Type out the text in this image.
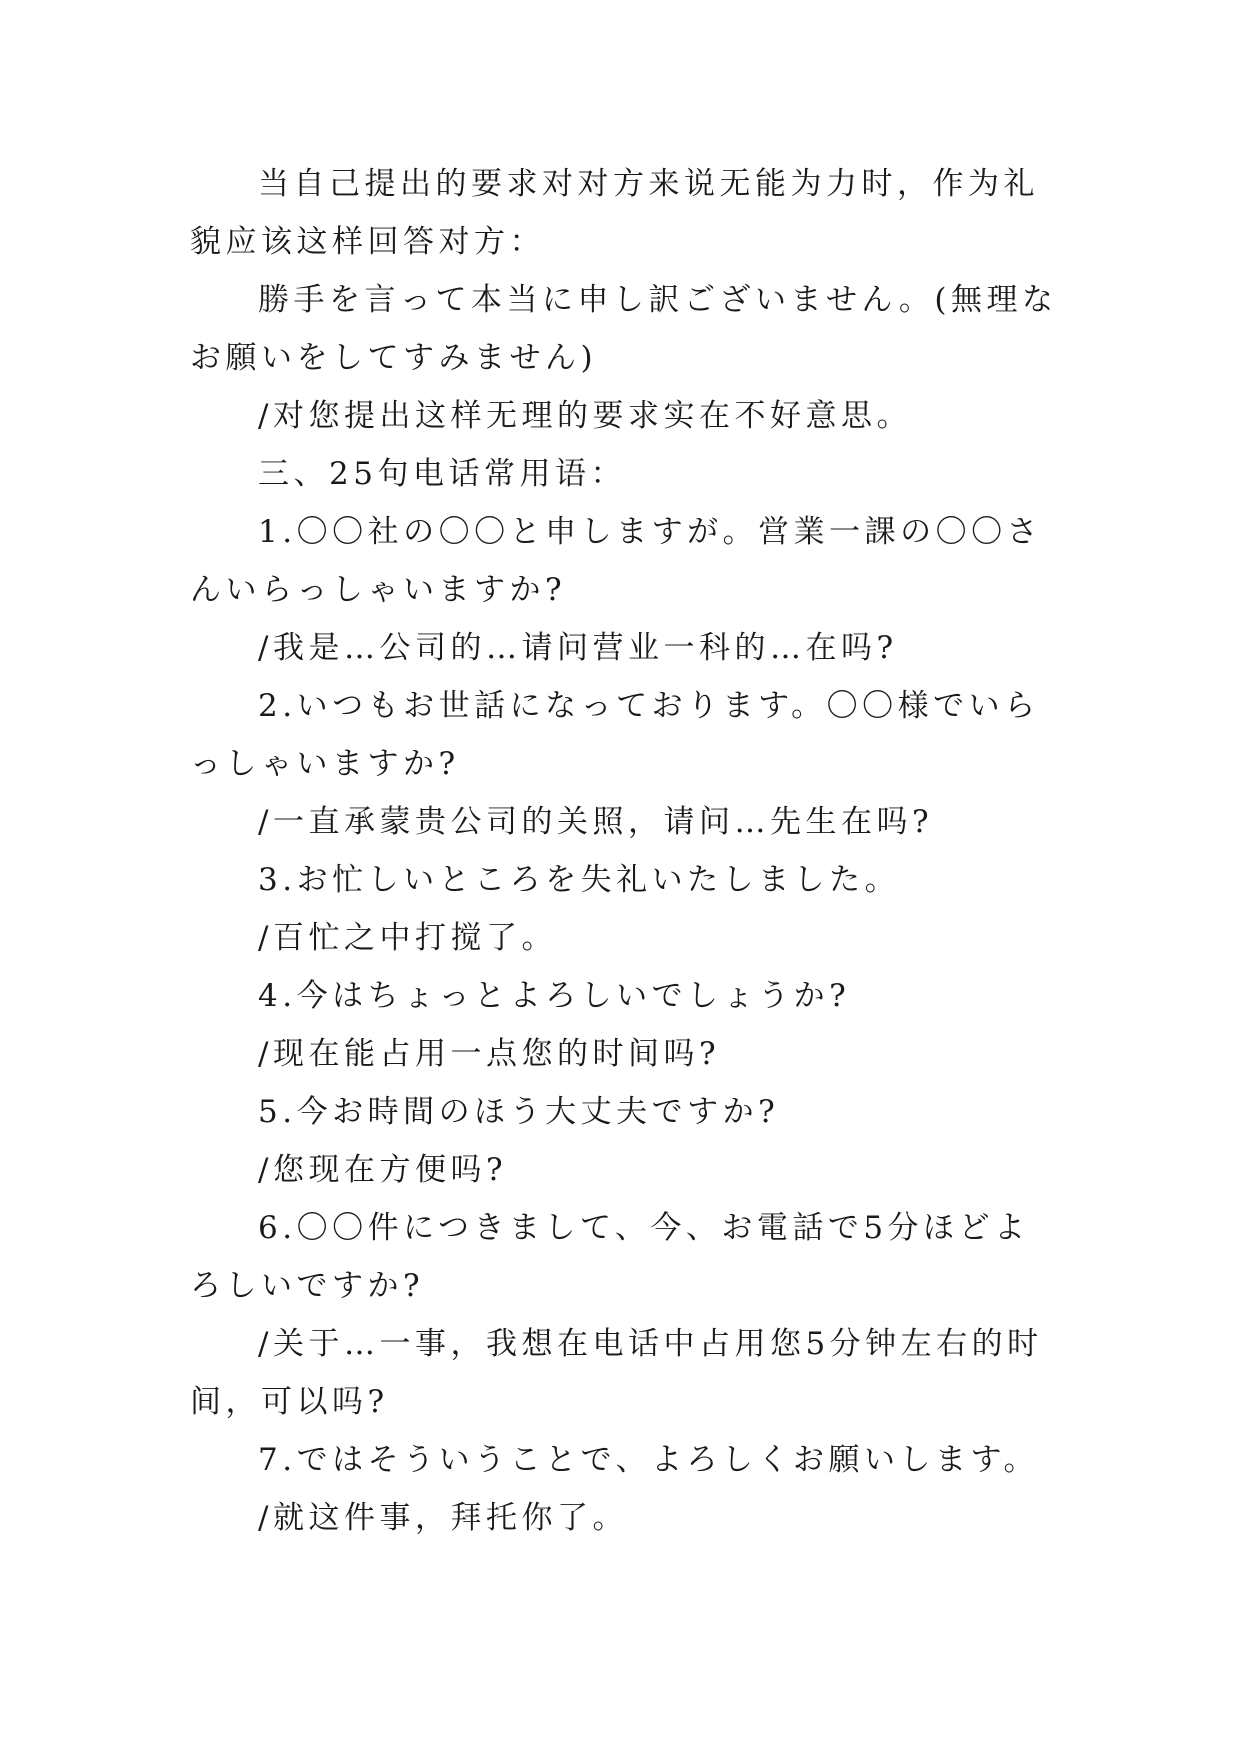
当自己提出的要求对对方来说无能为力时，作为礼貌应该这样回答对方：

勝手を言って本当に申し訳ございません。(無理なお願いをしてすみません)

/对您提出这样无理的要求实在不好意思。

三、25句电话常用语：

1.〇〇社の〇〇と申しますが。営業一課の〇〇さんいらっしゃいますか?

/我是…公司的…请问营业一科的…在吗?

2.いつもお世話になっております。〇〇様でいらっしゃいますか?

/一直承蒙贵公司的关照，请问…先生在吗?

3.お忙しいところを失礼いたしました。

/百忙之中打搅了。

4.今はちょっとよろしいでしょうか?

/现在能占用一点您的时间吗?

5.今お時間のほう大丈夫ですか?

/您现在方便吗?

6.〇〇件につきまして、今、お電話で5分ほどよろしいですか?

/关于…一事，我想在电话中占用您5分钟左右的时间，可以吗?

7.ではそういうことで、よろしくお願いします。

/就这件事，拜托你了。
